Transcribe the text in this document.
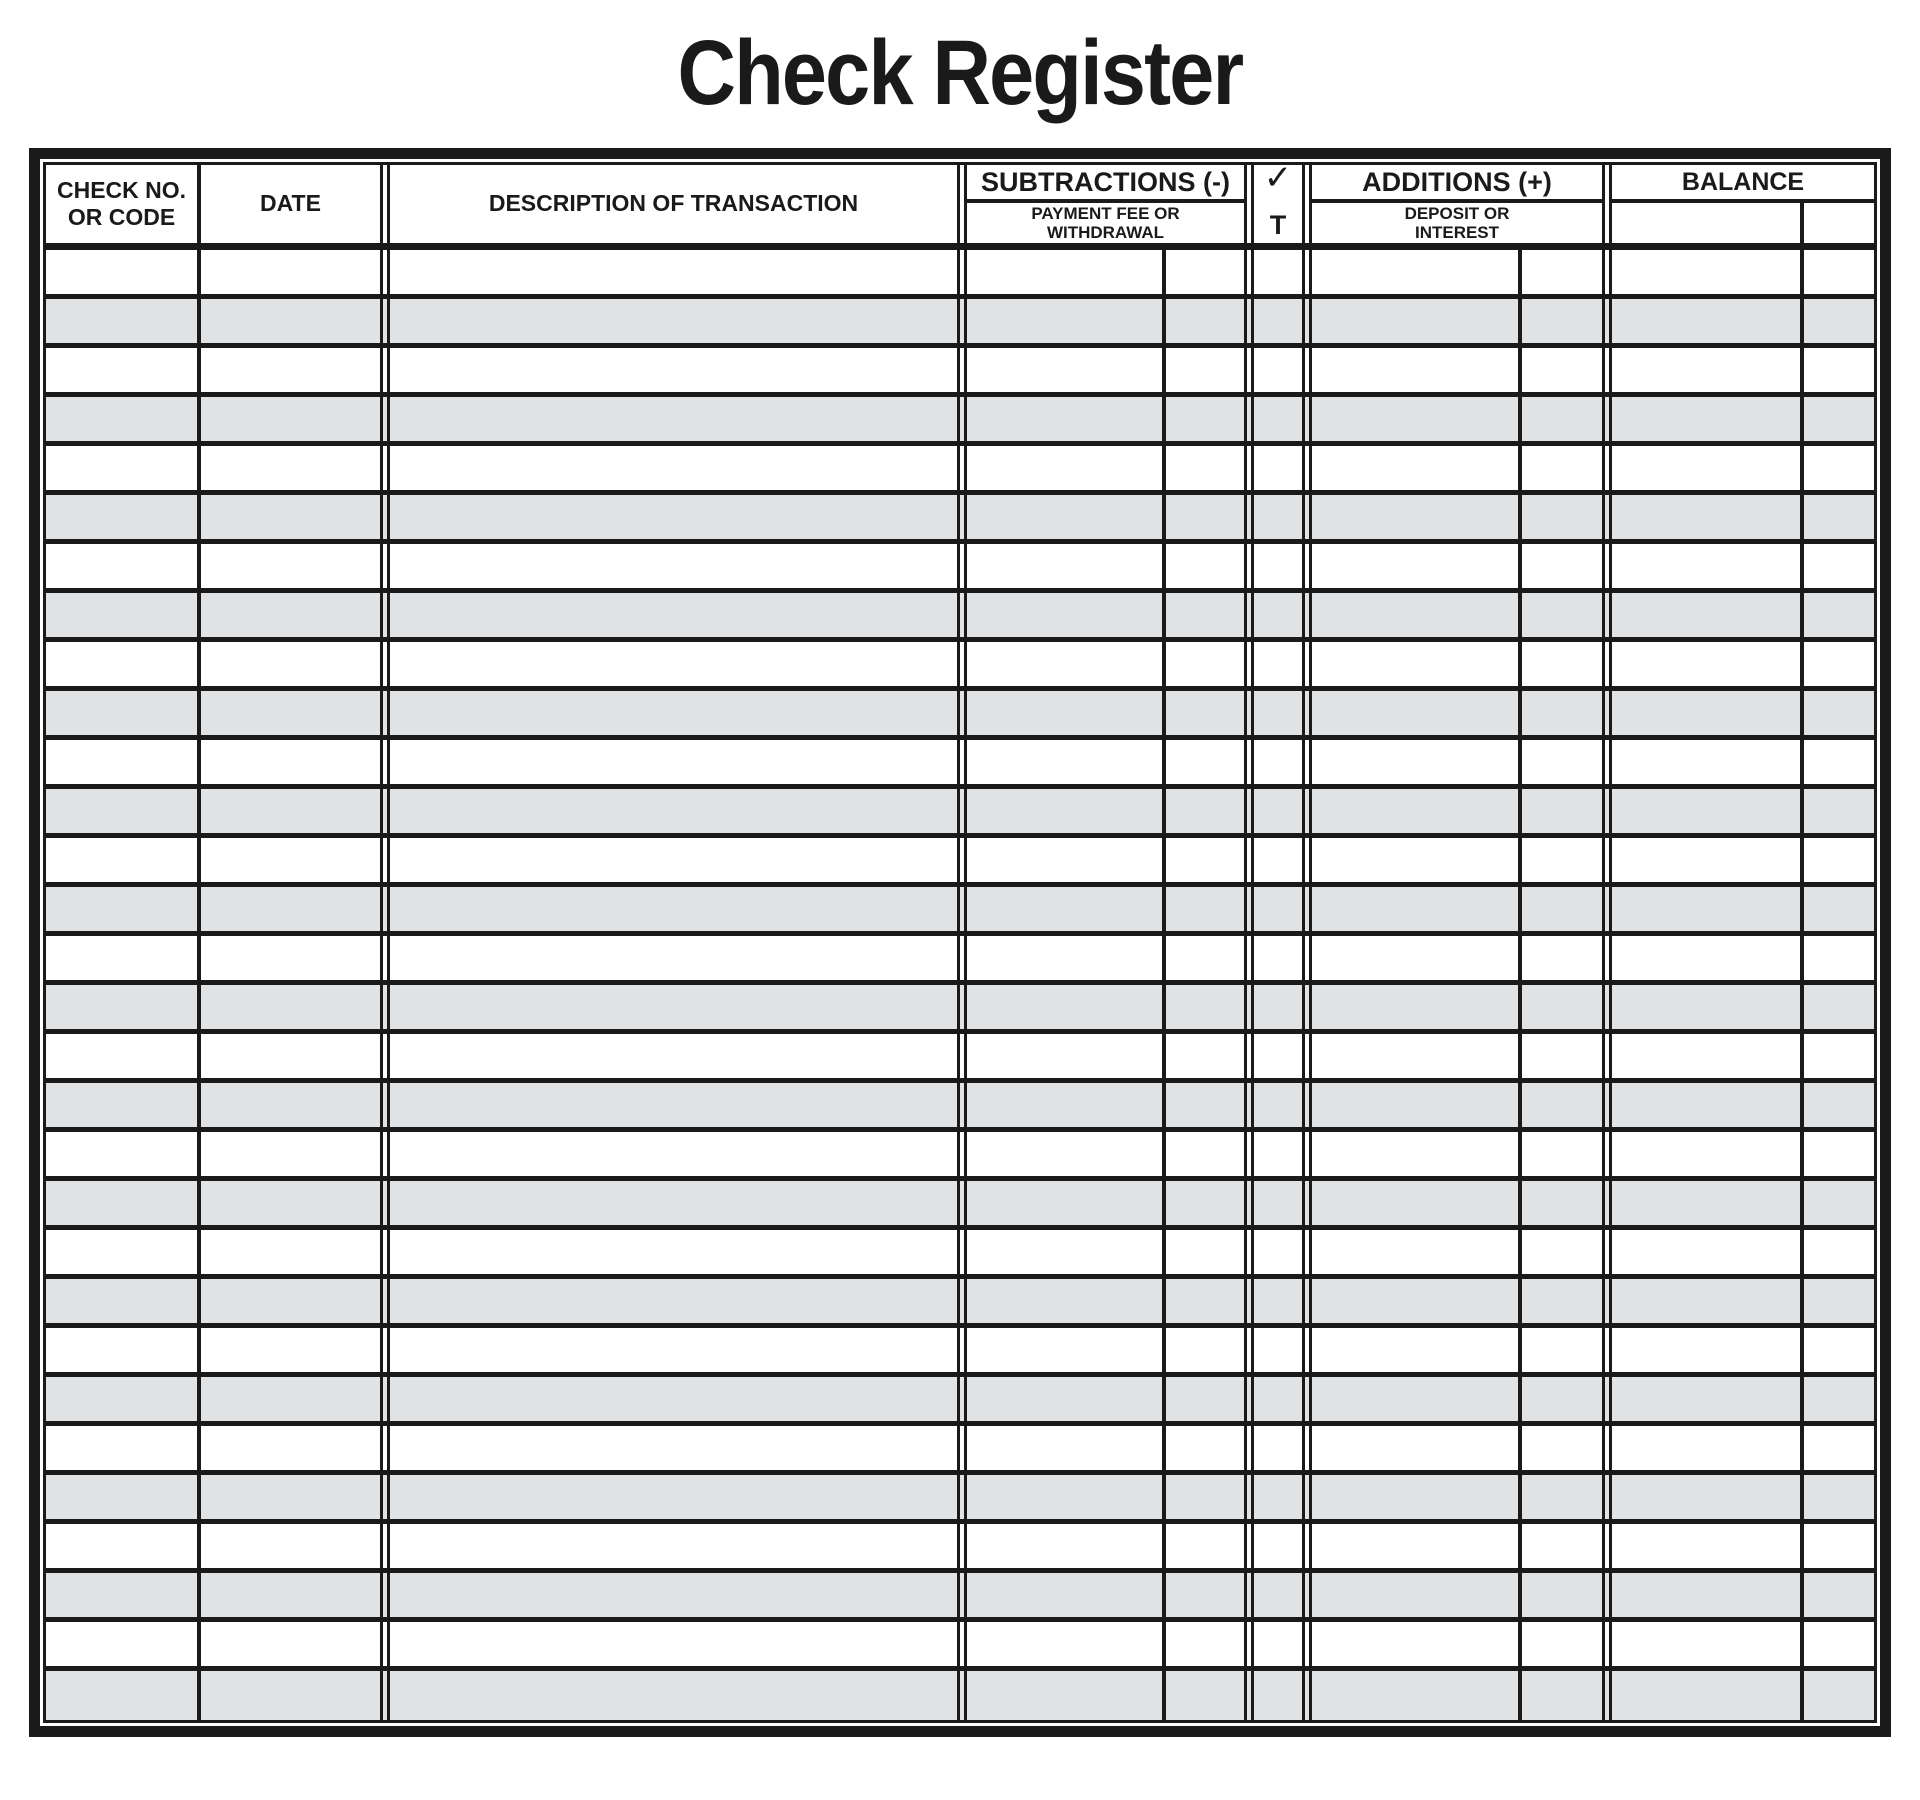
Check Register
CHECK NO.
OR CODE
DATE	DESCRIPTION OF TRANSACTION
SUBTRACTIONS (-)
PAYMENT FEE OR
WITHDRAWAL
✓
T
ADDITIONS (+)
DEPOSIT OR
INTEREST
BALANCE
